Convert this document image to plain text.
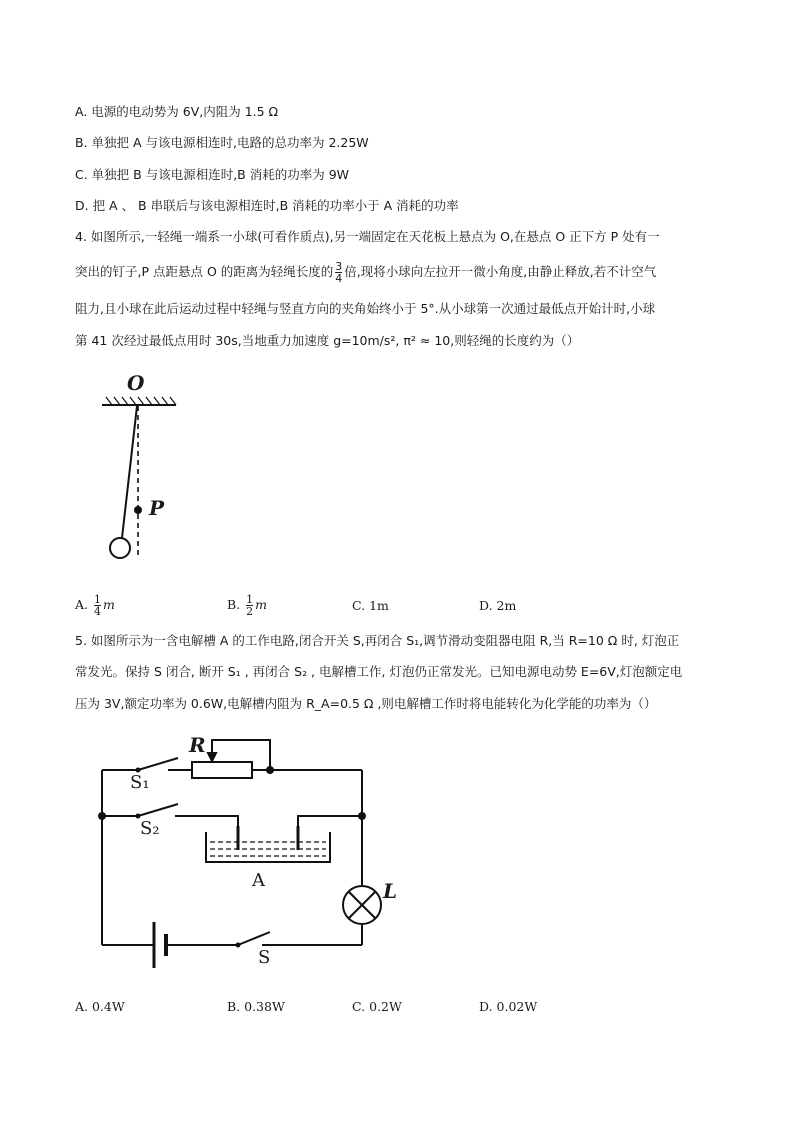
A. 电源的电动势为 6V,内阻为 1.5 Ω
B. 单独把 A 与该电源相连时,电路的总功率为 2.25W
C. 单独把 B 与该电源相连时,B 消耗的功率为 9W
D. 把 A 、 B 串联后与该电源相连时,B 消耗的功率小于 A 消耗的功率
4. 如图所示,一轻绳一端系一小球(可看作质点),另一端固定在天花板上悬点为 O,在悬点 O 正下方 P 处有一
突出的钉子,P 点距悬点 O 的距离为轻绳长度的 $\frac{3}{4}$ 倍,现将小球向左拉开一微小角度,由静止释放,若不计空气
阻力,且小球在此后运动过程中轻绳与竖直方向的夹角始终小于 5°.从小球第一次通过最低点开始计时,小球
第 41 次经过最低点用时 30s,当地重力加速度 g=10m/s², π² ≈ 10,则轻绳的长度约为（）
O
P
A. $\frac{1}{4}$ m	B. $\frac{1}{2}$ m	C. 1m	D. 2m
5. 如图所示为一含电解槽 A 的工作电路,闭合开关 S,再闭合 S₁,调节滑动变阻器电阻 R,当 R=10 Ω 时, 灯泡正
常发光。保持 S 闭合, 断开 S₁ , 再闭合 S₂ , 电解槽工作, 灯泡仍正常发光。已知电源电动势 E=6V,灯泡额定电
压为 3V,额定功率为 0.6W,电解槽内阻为 R_A=0.5 Ω ,则电解槽工作时将电能转化为化学能的功率为（）
R
S₁
S₂
A	L
S
A. 0.4W	B. 0.38W	C. 0.2W	D. 0.02W
